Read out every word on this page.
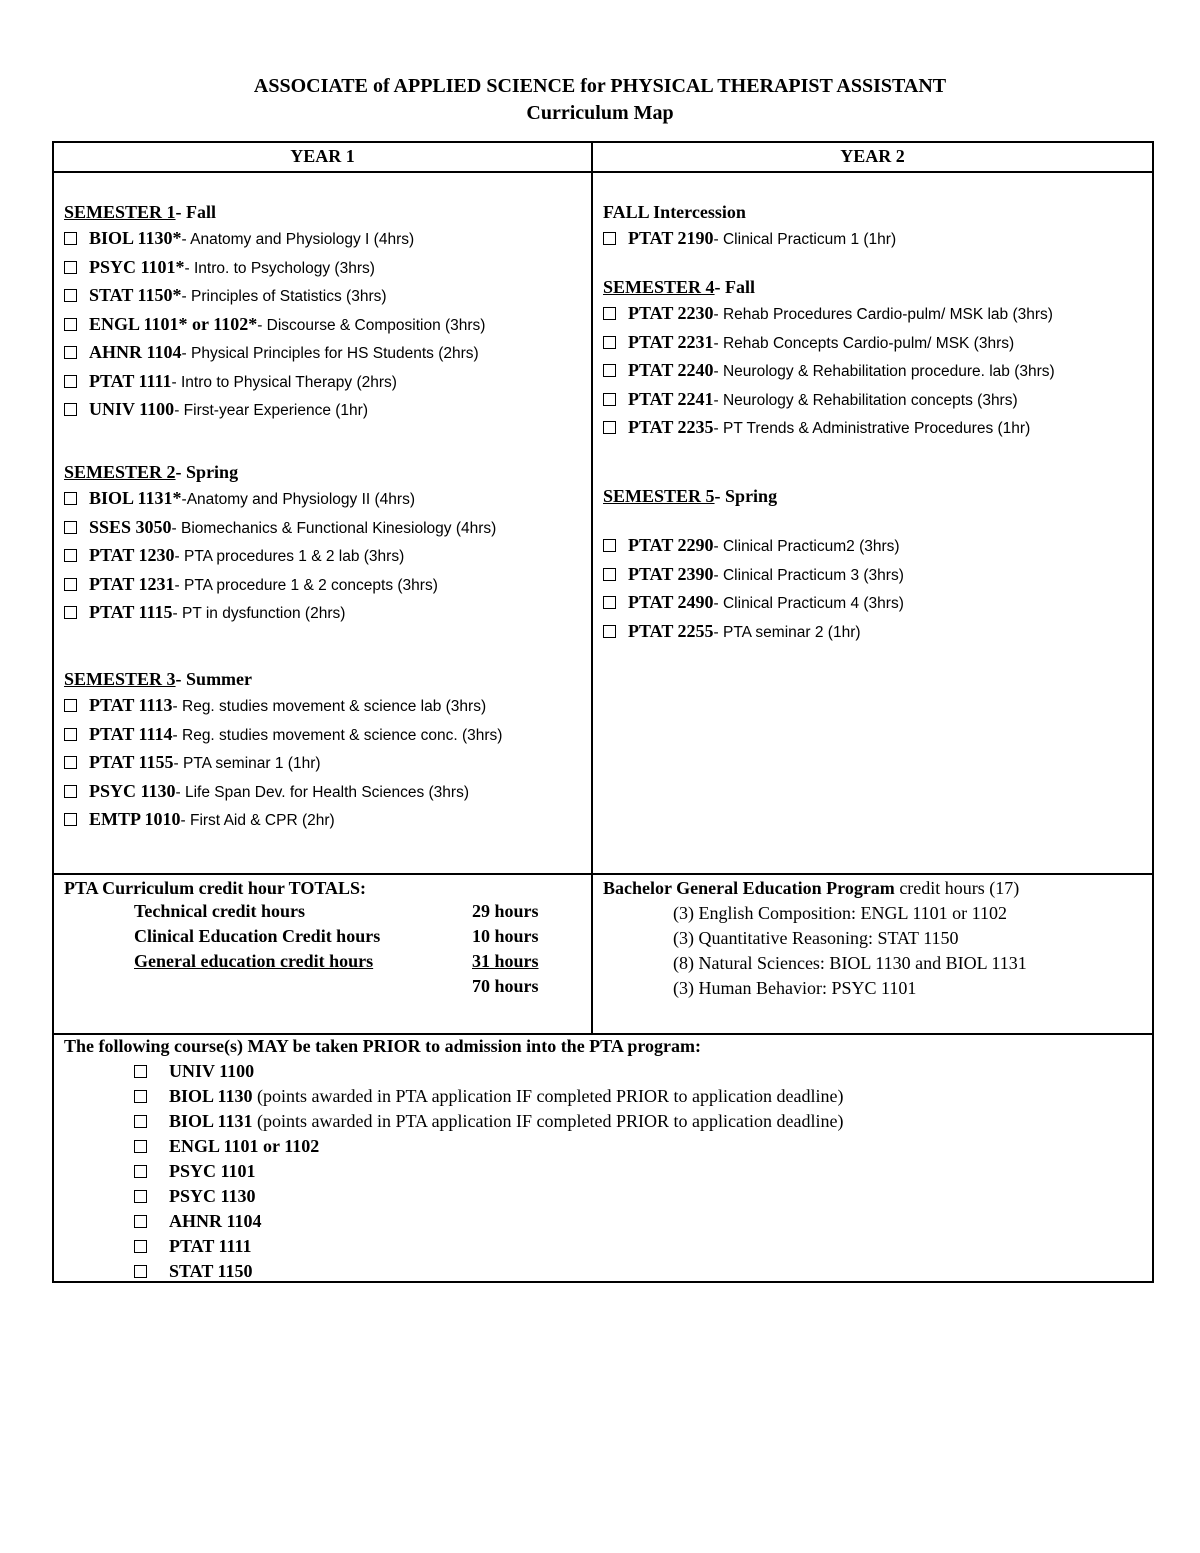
ASSOCIATE of APPLIED SCIENCE for PHYSICAL THERAPIST ASSISTANT
Curriculum Map
YEAR 1	YEAR 2
SEMESTER 1- Fall
BIOL 1130* - Anatomy and Physiology I (4hrs)
PSYC 1101* - Intro. to Psychology (3hrs)
STAT 1150* - Principles of Statistics (3hrs)
ENGL 1101* or 1102* - Discourse & Composition (3hrs)
AHNR 1104 - Physical Principles for HS Students (2hrs)
PTAT 1111 - Intro to Physical Therapy (2hrs)
UNIV 1100 - First-year Experience (1hr)
SEMESTER 2- Spring
BIOL 1131* -Anatomy and Physiology II (4hrs)
SSES 3050 - Biomechanics & Functional Kinesiology (4hrs)
PTAT 1230 - PTA procedures 1 & 2 lab (3hrs)
PTAT 1231 - PTA procedure 1 & 2 concepts (3hrs)
PTAT 1115 - PT in dysfunction (2hrs)
SEMESTER 3- Summer
PTAT 1113 - Reg. studies movement & science lab (3hrs)
PTAT 1114 - Reg. studies movement & science conc. (3hrs)
PTAT 1155 - PTA seminar 1 (1hr)
PSYC 1130 - Life Span Dev. for Health Sciences (3hrs)
EMTP 1010 - First Aid & CPR (2hr)
FALL Intercession
PTAT 2190 - Clinical Practicum 1 (1hr)
SEMESTER 4- Fall
PTAT 2230 - Rehab Procedures Cardio-pulm/ MSK lab (3hrs)
PTAT 2231 - Rehab Concepts Cardio-pulm/ MSK (3hrs)
PTAT 2240 - Neurology & Rehabilitation procedure. lab (3hrs)
PTAT 2241 - Neurology & Rehabilitation concepts (3hrs)
PTAT 2235 - PT Trends & Administrative Procedures (1hr)
SEMESTER 5- Spring
PTAT 2290 - Clinical Practicum2 (3hrs)
PTAT 2390 - Clinical Practicum 3 (3hrs)
PTAT 2490 - Clinical Practicum 4 (3hrs)
PTAT 2255 - PTA seminar 2 (1hr)
PTA Curriculum credit hour TOTALS:
Technical credit hours	29 hours
Clinical Education Credit hours	10 hours
General education credit hours	31 hours
70 hours
Bachelor General Education Program credit hours (17)
(3) English Composition: ENGL 1101 or 1102
(3) Quantitative Reasoning: STAT 1150
(8) Natural Sciences: BIOL 1130 and BIOL 1131
(3) Human Behavior: PSYC 1101
The following course(s) MAY be taken PRIOR to admission into the PTA program:
UNIV 1100
BIOL 1130 (points awarded in PTA application IF completed PRIOR to application deadline)
BIOL 1131 (points awarded in PTA application IF completed PRIOR to application deadline)
ENGL 1101 or 1102
PSYC 1101
PSYC 1130
AHNR 1104
PTAT 1111
STAT 1150
